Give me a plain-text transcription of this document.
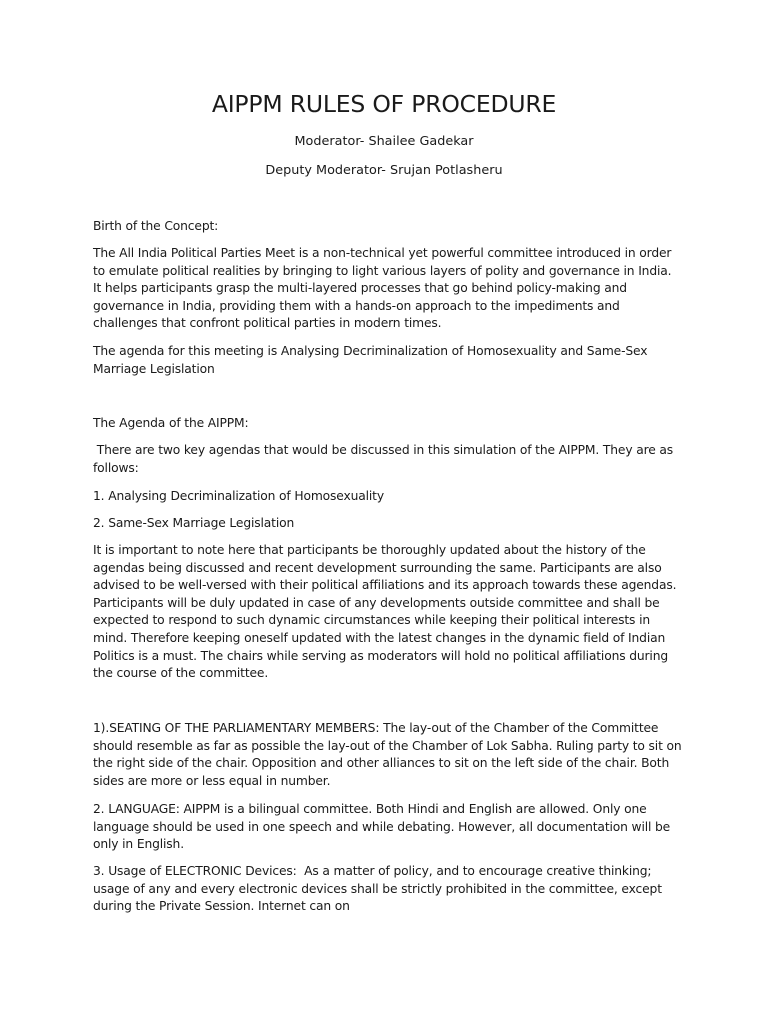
AIPPM RULES OF PROCEDURE
Moderator- Shailee Gadekar
Deputy Moderator- Srujan Potlasheru

Birth of the Concept:

The All India Political Parties Meet is a non-technical yet powerful committee introduced in order to emulate political realities by bringing to light various layers of polity and governance in India. It helps participants grasp the multi-layered processes that go behind policy-making and governance in India, providing them with a hands-on approach to the impediments and challenges that confront political parties in modern times.

The agenda for this meeting is Analysing Decriminalization of Homosexuality and Same-Sex Marriage Legislation

The Agenda of the AIPPM:

There are two key agendas that would be discussed in this simulation of the AIPPM. They are as follows:

1. Analysing Decriminalization of Homosexuality

2. Same-Sex Marriage Legislation

It is important to note here that participants be thoroughly updated about the history of the agendas being discussed and recent development surrounding the same. Participants are also advised to be well-versed with their political affiliations and its approach towards these agendas. Participants will be duly updated in case of any developments outside committee and shall be expected to respond to such dynamic circumstances while keeping their political interests in mind. Therefore keeping oneself updated with the latest changes in the dynamic field of Indian Politics is a must. The chairs while serving as moderators will hold no political affiliations during the course of the committee.

1).SEATING OF THE PARLIAMENTARY MEMBERS: The lay-out of the Chamber of the Committee should resemble as far as possible the lay-out of the Chamber of Lok Sabha. Ruling party to sit on the right side of the chair. Opposition and other alliances to sit on the left side of the chair. Both sides are more or less equal in number.

2. LANGUAGE: AIPPM is a bilingual committee. Both Hindi and English are allowed. Only one language should be used in one speech and while debating. However, all documentation will be only in English.

3. Usage of ELECTRONIC Devices:  As a matter of policy, and to encourage creative thinking; usage of any and every electronic devices shall be strictly prohibited in the committee, except during the Private Session. Internet can on
